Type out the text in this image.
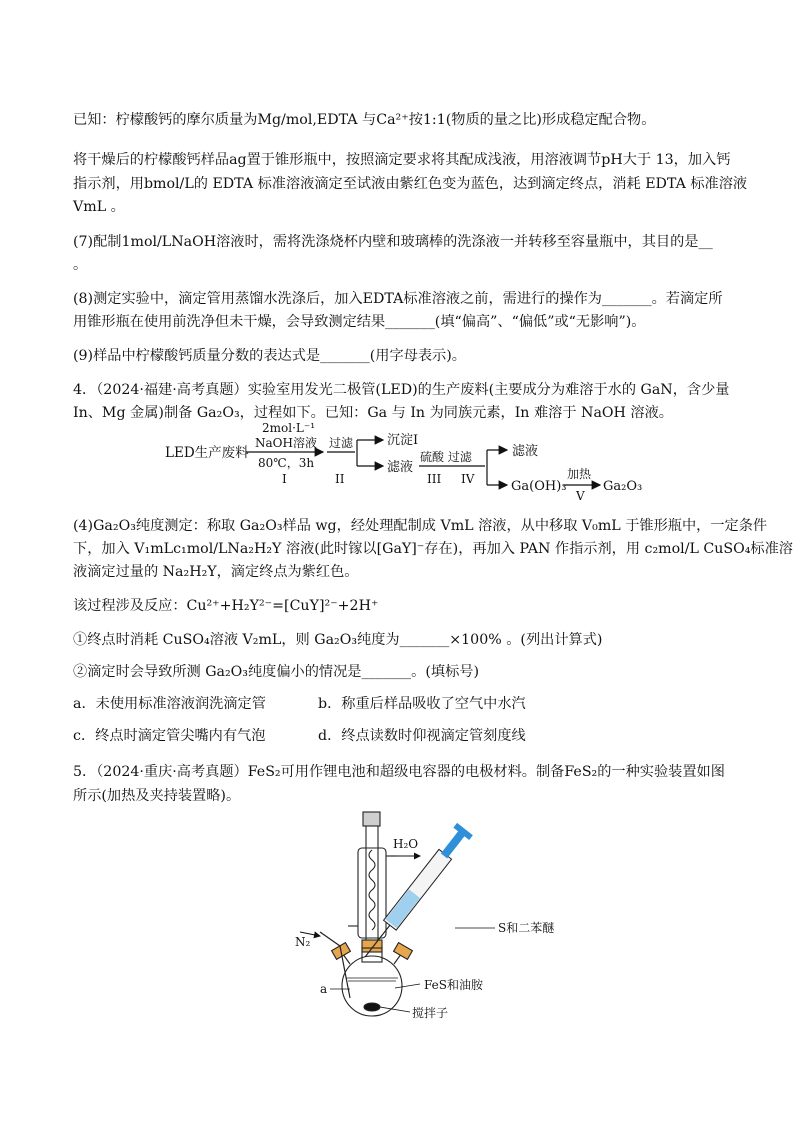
已知：柠檬酸钙的摩尔质量为Mg/mol,EDTA 与Ca²⁺按1:1(物质的量之比)形成稳定配合物。
将干燥后的柠檬酸钙样品ag置于锥形瓶中，按照滴定要求将其配成浅液，用溶液调节pH大于 13，加入钙
指示剂，用bmol/L的 EDTA 标准溶液滴定至试液由紫红色变为蓝色，达到滴定终点，消耗 EDTA 标准溶液
VmL 。
(7)配制1mol/LNaOH溶液时，需将洗涤烧杯内壁和玻璃棒的洗涤液一并转移至容量瓶中，其目的是__
。
(8)测定实验中，滴定管用蒸馏水洗涤后，加入EDTA标准溶液之前，需进行的操作为_______。若滴定所
用锥形瓶在使用前洗净但未干燥，会导致测定结果_______(填“偏高”、“偏低”或“无影响”)。
(9)样品中柠檬酸钙质量分数的表达式是_______(用字母表示)。
4．（2024·福建·高考真题）实验室用发光二极管(LED)的生产废料(主要成分为难溶于水的 GaN，含少量
In、Mg 金属)制备 Ga₂O₃，过程如下。已知：Ga 与 In 为同族元素，In 难溶于 NaOH 溶液。
LED生产废料
2mol·L⁻¹
NaOH溶液
80℃，3h
I
过滤
II
沉淀I
滤液
硫酸 过滤
III IV
滤液
Ga(OH)₃
加热
V
Ga₂O₃
(4)Ga₂O₃纯度测定：称取 Ga₂O₃样品 wg，经处理配制成 VmL 溶液，从中移取 V₀mL 于锥形瓶中，一定条件
下，加入 V₁mLc₁mol/LNa₂H₂Y 溶液(此时镓以[GaY]⁻存在)，再加入 PAN 作指示剂，用 c₂mol/L CuSO₄标准溶
液滴定过量的 Na₂H₂Y，滴定终点为紫红色。
该过程涉及反应：Cu²⁺+H₂Y²⁻=[CuY]²⁻+2H⁺
①终点时消耗 CuSO₄溶液 V₂mL，则 Ga₂O₃纯度为_______×100% 。(列出计算式)
②滴定时会导致所测 Ga₂O₃纯度偏小的情况是_______。(填标号)
a．未使用标准溶液润洗滴定管	b．称重后样品吸收了空气中水汽
c．终点时滴定管尖嘴内有气泡	d．终点读数时仰视滴定管刻度线
5．（2024·重庆·高考真题）FeS₂可用作锂电池和超级电容器的电极材料。制备FeS₂的一种实验装置如图
所示(加热及夹持装置略)。
H₂O
S和二苯醚
N₂
a	FeS和油胺
搅拌子
